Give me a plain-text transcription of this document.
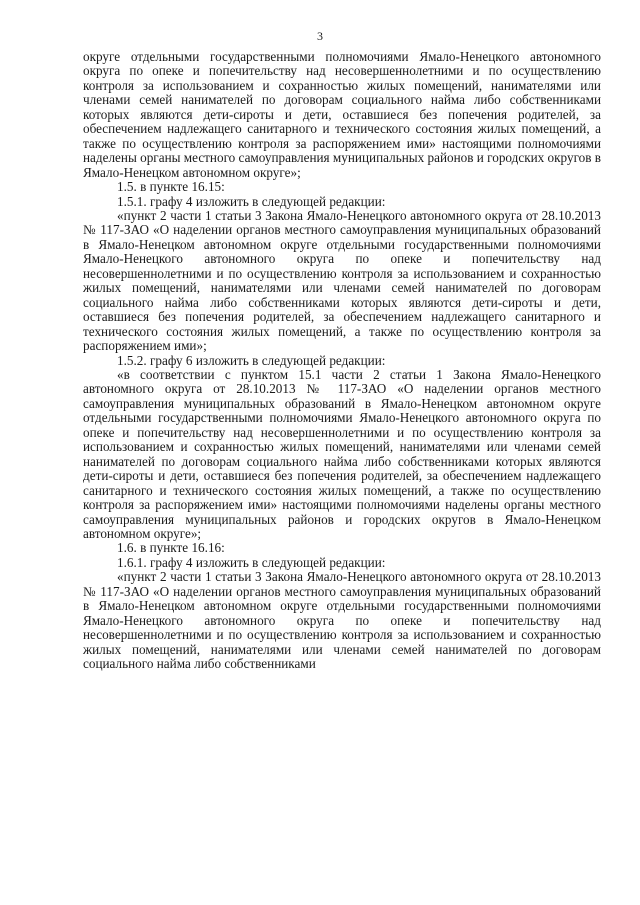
3

округе отдельными государственными полномочиями Ямало-Ненецкого автономного округа по опеке и попечительству над несовершеннолетними и по осуществлению контроля за использованием и сохранностью жилых помещений, нанимателями или членами семей нанимателей по договорам социального найма либо собственниками которых являются дети-сироты и дети, оставшиеся без попечения родителей, за обеспечением надлежащего санитарного и технического состояния жилых помещений, а также по осуществлению контроля за распоряжением ими» настоящими полномочиями наделены органы местного самоуправления муниципальных районов и городских округов в Ямало-Ненецком автономном округе»;

1.5. в пункте 16.15:

1.5.1. графу 4 изложить в следующей редакции:

«пункт 2 части 1 статьи 3 Закона Ямало-Ненецкого автономного округа от 28.10.2013 № 117-ЗАО «О наделении органов местного самоуправления муниципальных образований в Ямало-Ненецком автономном округе отдельными государственными полномочиями Ямало-Ненецкого автономного округа по опеке и попечительству над несовершеннолетними и по осуществлению контроля за использованием и сохранностью жилых помещений, нанимателями или членами семей нанимателей по договорам социального найма либо собственниками которых являются дети-сироты и дети, оставшиеся без попечения родителей, за обеспечением надлежащего санитарного и технического состояния жилых помещений, а также по осуществлению контроля за распоряжением ими»;

1.5.2. графу 6 изложить в следующей редакции:

«в соответствии с пунктом 15.1 части 2 статьи 1 Закона Ямало-Ненецкого автономного округа от 28.10.2013 № 117-ЗАО «О наделении органов местного самоуправления муниципальных образований в Ямало-Ненецком автономном округе отдельными государственными полномочиями Ямало-Ненецкого автономного округа по опеке и попечительству над несовершеннолетними и по осуществлению контроля за использованием и сохранностью жилых помещений, нанимателями или членами семей нанимателей по договорам социального найма либо собственниками которых являются дети-сироты и дети, оставшиеся без попечения родителей, за обеспечением надлежащего санитарного и технического состояния жилых помещений, а также по осуществлению контроля за распоряжением ими» настоящими полномочиями наделены органы местного самоуправления муниципальных районов и городских округов в Ямало-Ненецком автономном округе»;

1.6. в пункте 16.16:

1.6.1. графу 4 изложить в следующей редакции:

«пункт 2 части 1 статьи 3 Закона Ямало-Ненецкого автономного округа от 28.10.2013 № 117-ЗАО «О наделении органов местного самоуправления муниципальных образований в Ямало-Ненецком автономном округе отдельными государственными полномочиями Ямало-Ненецкого автономного округа по опеке и попечительству над несовершеннолетними и по осуществлению контроля за использованием и сохранностью жилых помещений, нанимателями или членами семей нанимателей по договорам социального найма либо собственниками
